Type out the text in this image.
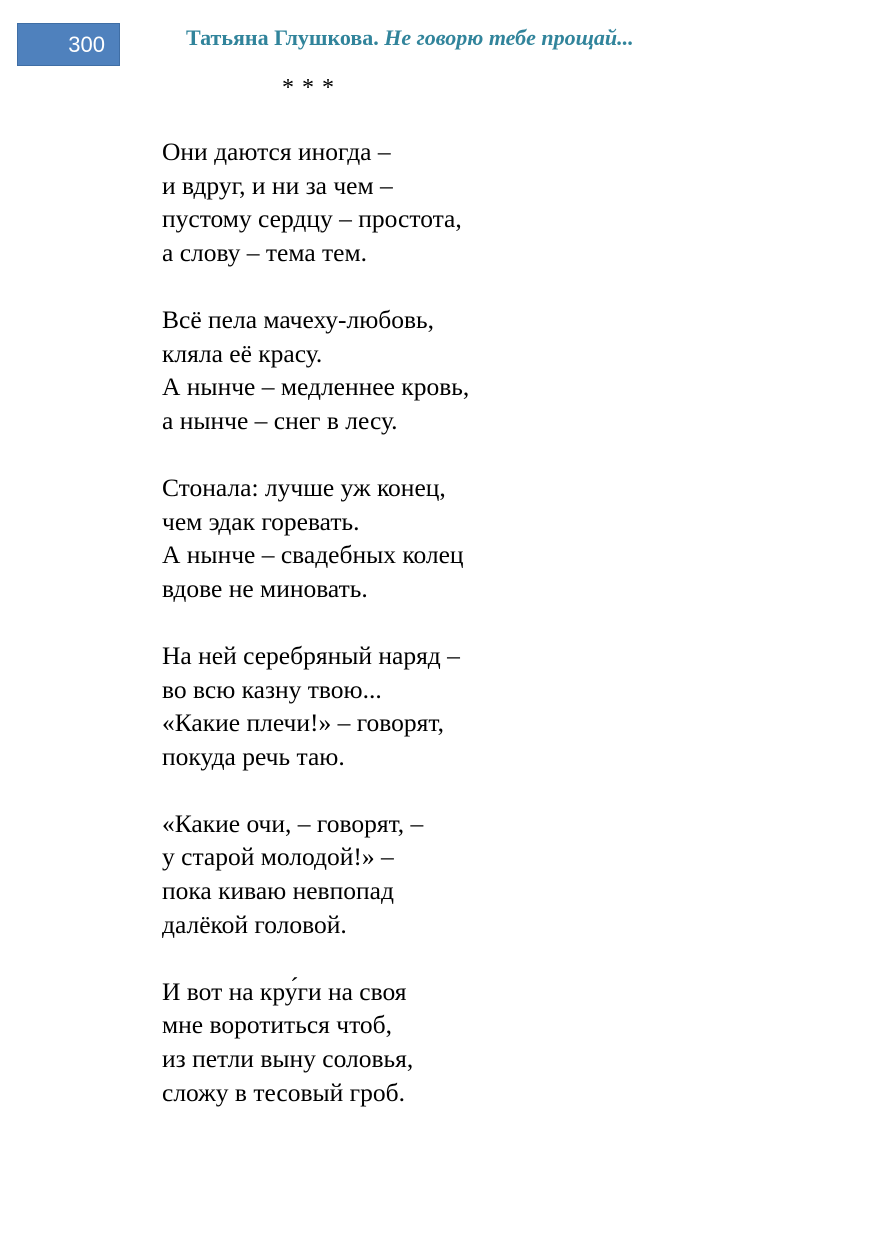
300	Татьяна Глушкова. Не говорю тебе прощай...
* * *
Они даются иногда –
и вдруг, и ни за чем –
пустому сердцу – простота,
а слову – тема тем.
Всё пела мачеху-любовь,
кляла её красу.
А нынче – медленнее кровь,
а нынче – снег в лесу.
Стонала: лучше уж конец,
чем эдак горевать.
А нынче – свадебных колец
вдове не миновать.
На ней серебряный наряд –
во всю казну твою...
«Какие плечи!» – говорят,
покуда речь таю.
«Какие очи, – говорят, –
у старой молодой!» –
пока киваю невпопад
далёкой головой.
И вот на кру́ги на своя
мне воротиться чтоб,
из петли выну соловья,
сложу в тесовый гроб.
